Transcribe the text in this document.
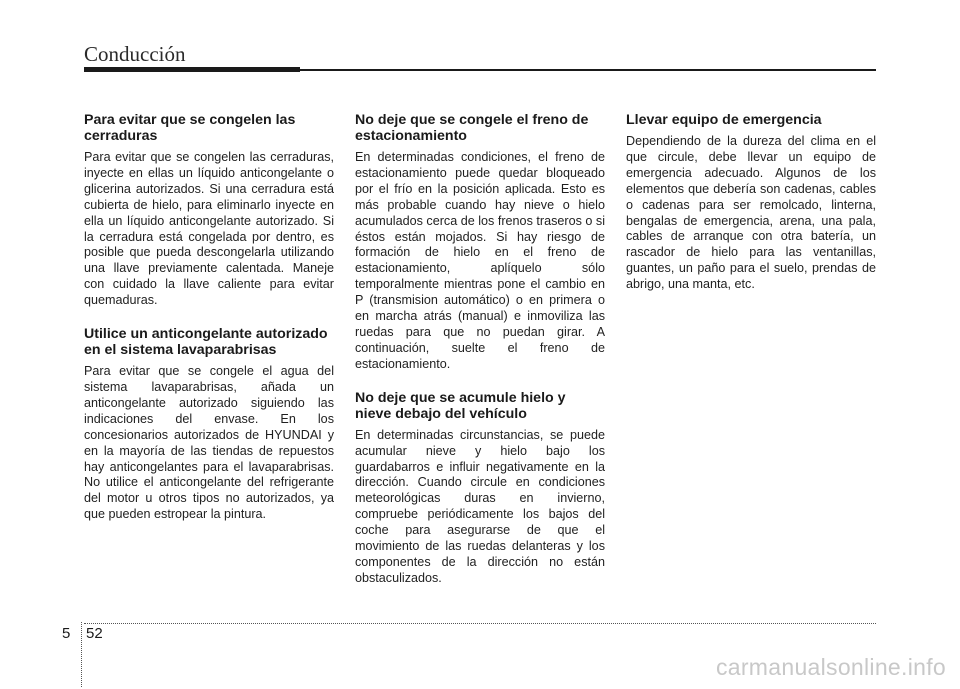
Conducción
Para evitar que se congelen las cerraduras

Para evitar que se congelen las cerraduras, inyecte en ellas un líquido anticongelante o glicerina autorizados. Si una cerradura está cubierta de hielo, para eliminarlo inyecte en ella un líquido anticongelante autorizado. Si la cerradura está congelada por dentro, es posible que pueda descongelarla utilizando una llave previamente calentada. Maneje con cuidado la llave caliente para evitar quemaduras.

Utilice un anticongelante autorizado en el sistema lavaparabrisas

Para evitar que se congele el agua del sistema lavaparabrisas, añada un anticongelante autorizado siguiendo las indicaciones del envase. En los concesionarios autorizados de HYUNDAI y en la mayoría de las tiendas de repuestos hay anticongelantes para el lavaparabrisas. No utilice el anticongelante del refrigerante del motor u otros tipos no autorizados, ya que pueden estropear la pintura.

No deje que se congele el freno de estacionamiento

En determinadas condiciones, el freno de estacionamiento puede quedar bloqueado por el frío en la posición aplicada. Esto es más probable cuando hay nieve o hielo acumulados cerca de los frenos traseros o si éstos están mojados. Si hay riesgo de formación de hielo en el freno de estacionamiento, aplíquelo sólo temporalmente mientras pone el cambio en P (transmision automático) o en primera o en marcha atrás (manual) e inmoviliza las ruedas para que no puedan girar. A continuación, suelte el freno de estacionamiento.

No deje que se acumule hielo y nieve debajo del vehículo

En determinadas circunstancias, se puede acumular nieve y hielo bajo los guardabarros e influir negativamente en la dirección. Cuando circule en condiciones meteorológicas duras en invierno, compruebe periódicamente los bajos del coche para asegurarse de que el movimiento de las ruedas delanteras y los componentes de la dirección no están obstaculizados.

Llevar equipo de emergencia

Dependiendo de la dureza del clima en el que circule, debe llevar un equipo de emergencia adecuado. Algunos de los elementos que debería son cadenas, cables o cadenas para ser remolcado, linterna, bengalas de emergencia, arena, una pala, cables de arranque con otra batería, un rascador de hielo para las ventanillas, guantes, un paño para el suelo, prendas de abrigo, una manta, etc.

5 52
carmanualsonline.info
